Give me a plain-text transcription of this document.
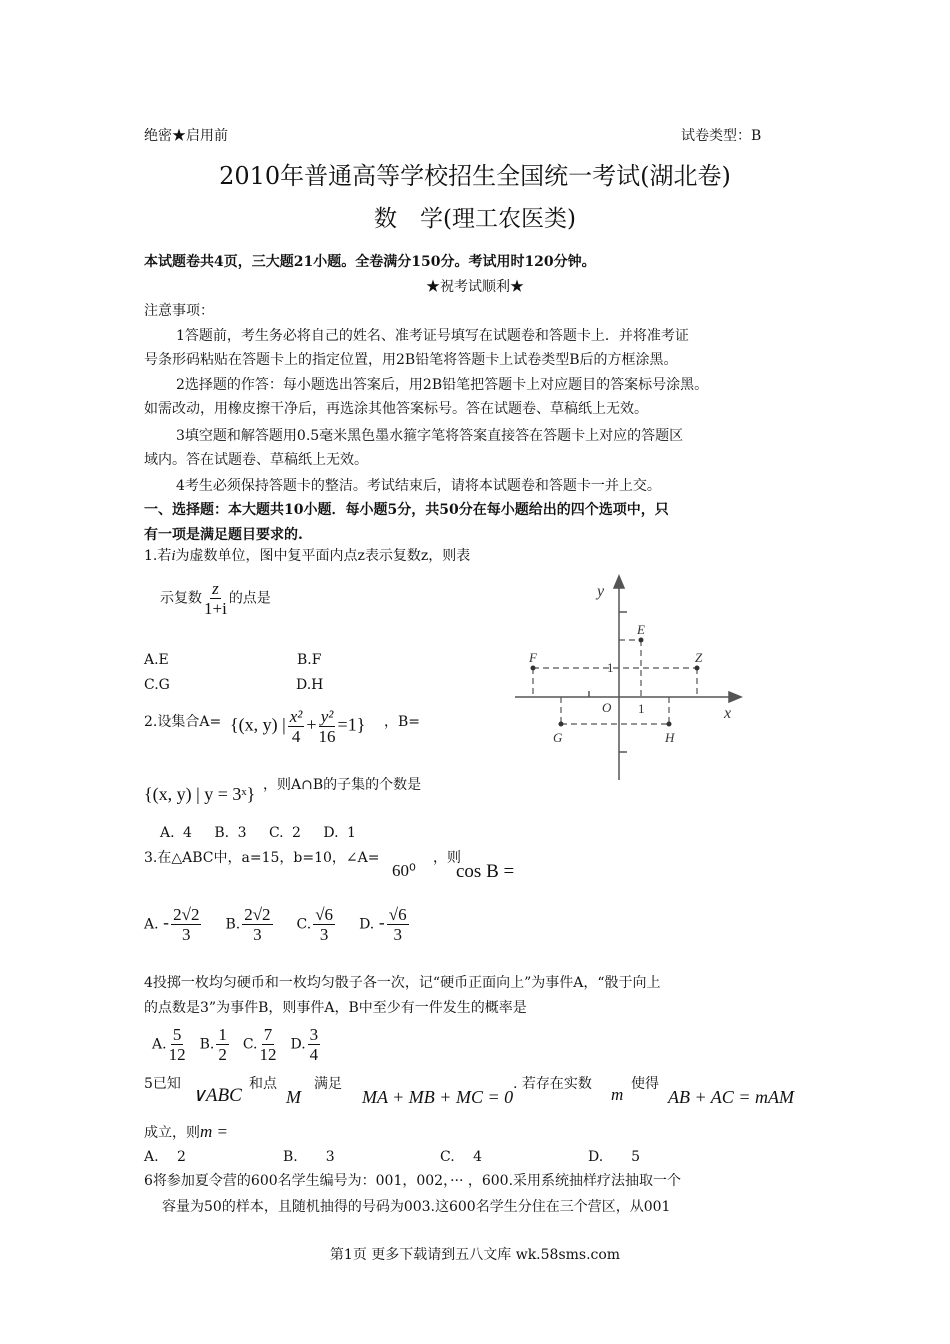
绝密★启用前	试卷类型：B
2010年普通高等学校招生全国统一考试(湖北卷)
数　学(理工农医类)
本试题卷共4页，三大题21小题。全卷满分150分。考试用时120分钟。
★祝考试顺利★
注意事项：
1答题前，考生务必将自己的姓名、准考证号填写在试题卷和答题卡上．并将准考证
号条形码粘贴在答题卡上的指定位置，用2B铅笔将答题卡上试卷类型B后的方框涂黑。
2选择题的作答：每小题选出答案后，用2B铅笔把答题卡上对应题目的答案标号涂黑。
如需改动，用橡皮擦干净后，再选涂其他答案标号。答在试题卷、草稿纸上无效。
3填空题和解答题用0.5毫米黑色墨水箍字笔将答案直接答在答题卡上对应的答题区
域内。答在试题卷、草稿纸上无效。
4考生必须保持答题卡的整洁。考试结束后，请将本试题卷和答题卡一并上交。
一、选择题：本大题共10小题．每小题5分，共50分在每小题给出的四个选项中，只
有一项是满足题目要求的.
1.若i为虚数单位，图中复平面内点z表示复数z，则表
示复数 $\frac{z}{1+i}$ 的点是
A.E	B.F
C.G	D.H
y
x
O 1
1
E
F	Z
G	H
2.设集合A= {(x, y) | $\frac{\text{x²}}{4} + \frac{\text{y²}}{16} =1$} ，B=
{(x, y) | y = 3ˣ} ，则A∩B的子集的个数是
A. 4　 B. 3　 C. 2　 D. 1
3.在△ABC中，a=15，b=10，∠A=
60⁰
，则
cos B =
A. - $\frac{2√2}{3} B$. $\frac{2√2}{3} C$. $\frac{√6}{3} D$. - $\frac{√6}{3}$
4投掷一枚均匀硬币和一枚均匀骰子各一次，记“硬币正面向上”为事件A，“骰于向上
的点数是3”为事件B，则事件A，B中至少有一件发生的概率是
A. $\frac{5}{12} B$. $\frac{1}{2} C$. $\frac{7}{12} D$. $\frac{3}{4}$
5已知
∨ABC
和点
M
满足
MA + MB + MC = 0
. 若存在实数
m
使得
AB + AC = mAM
成立，则m =
A.　 2	B.　　3	C.　 4	D.　　5
6将参加夏令营的600名学生编号为：001，002，··· ，600.采用系统抽样疗法抽取一个
容量为50的样本，且随机抽得的号码为003.这600名学生分住在三个营区，从001
第1页 更多下载请到五八文库 wk.58sms.com
